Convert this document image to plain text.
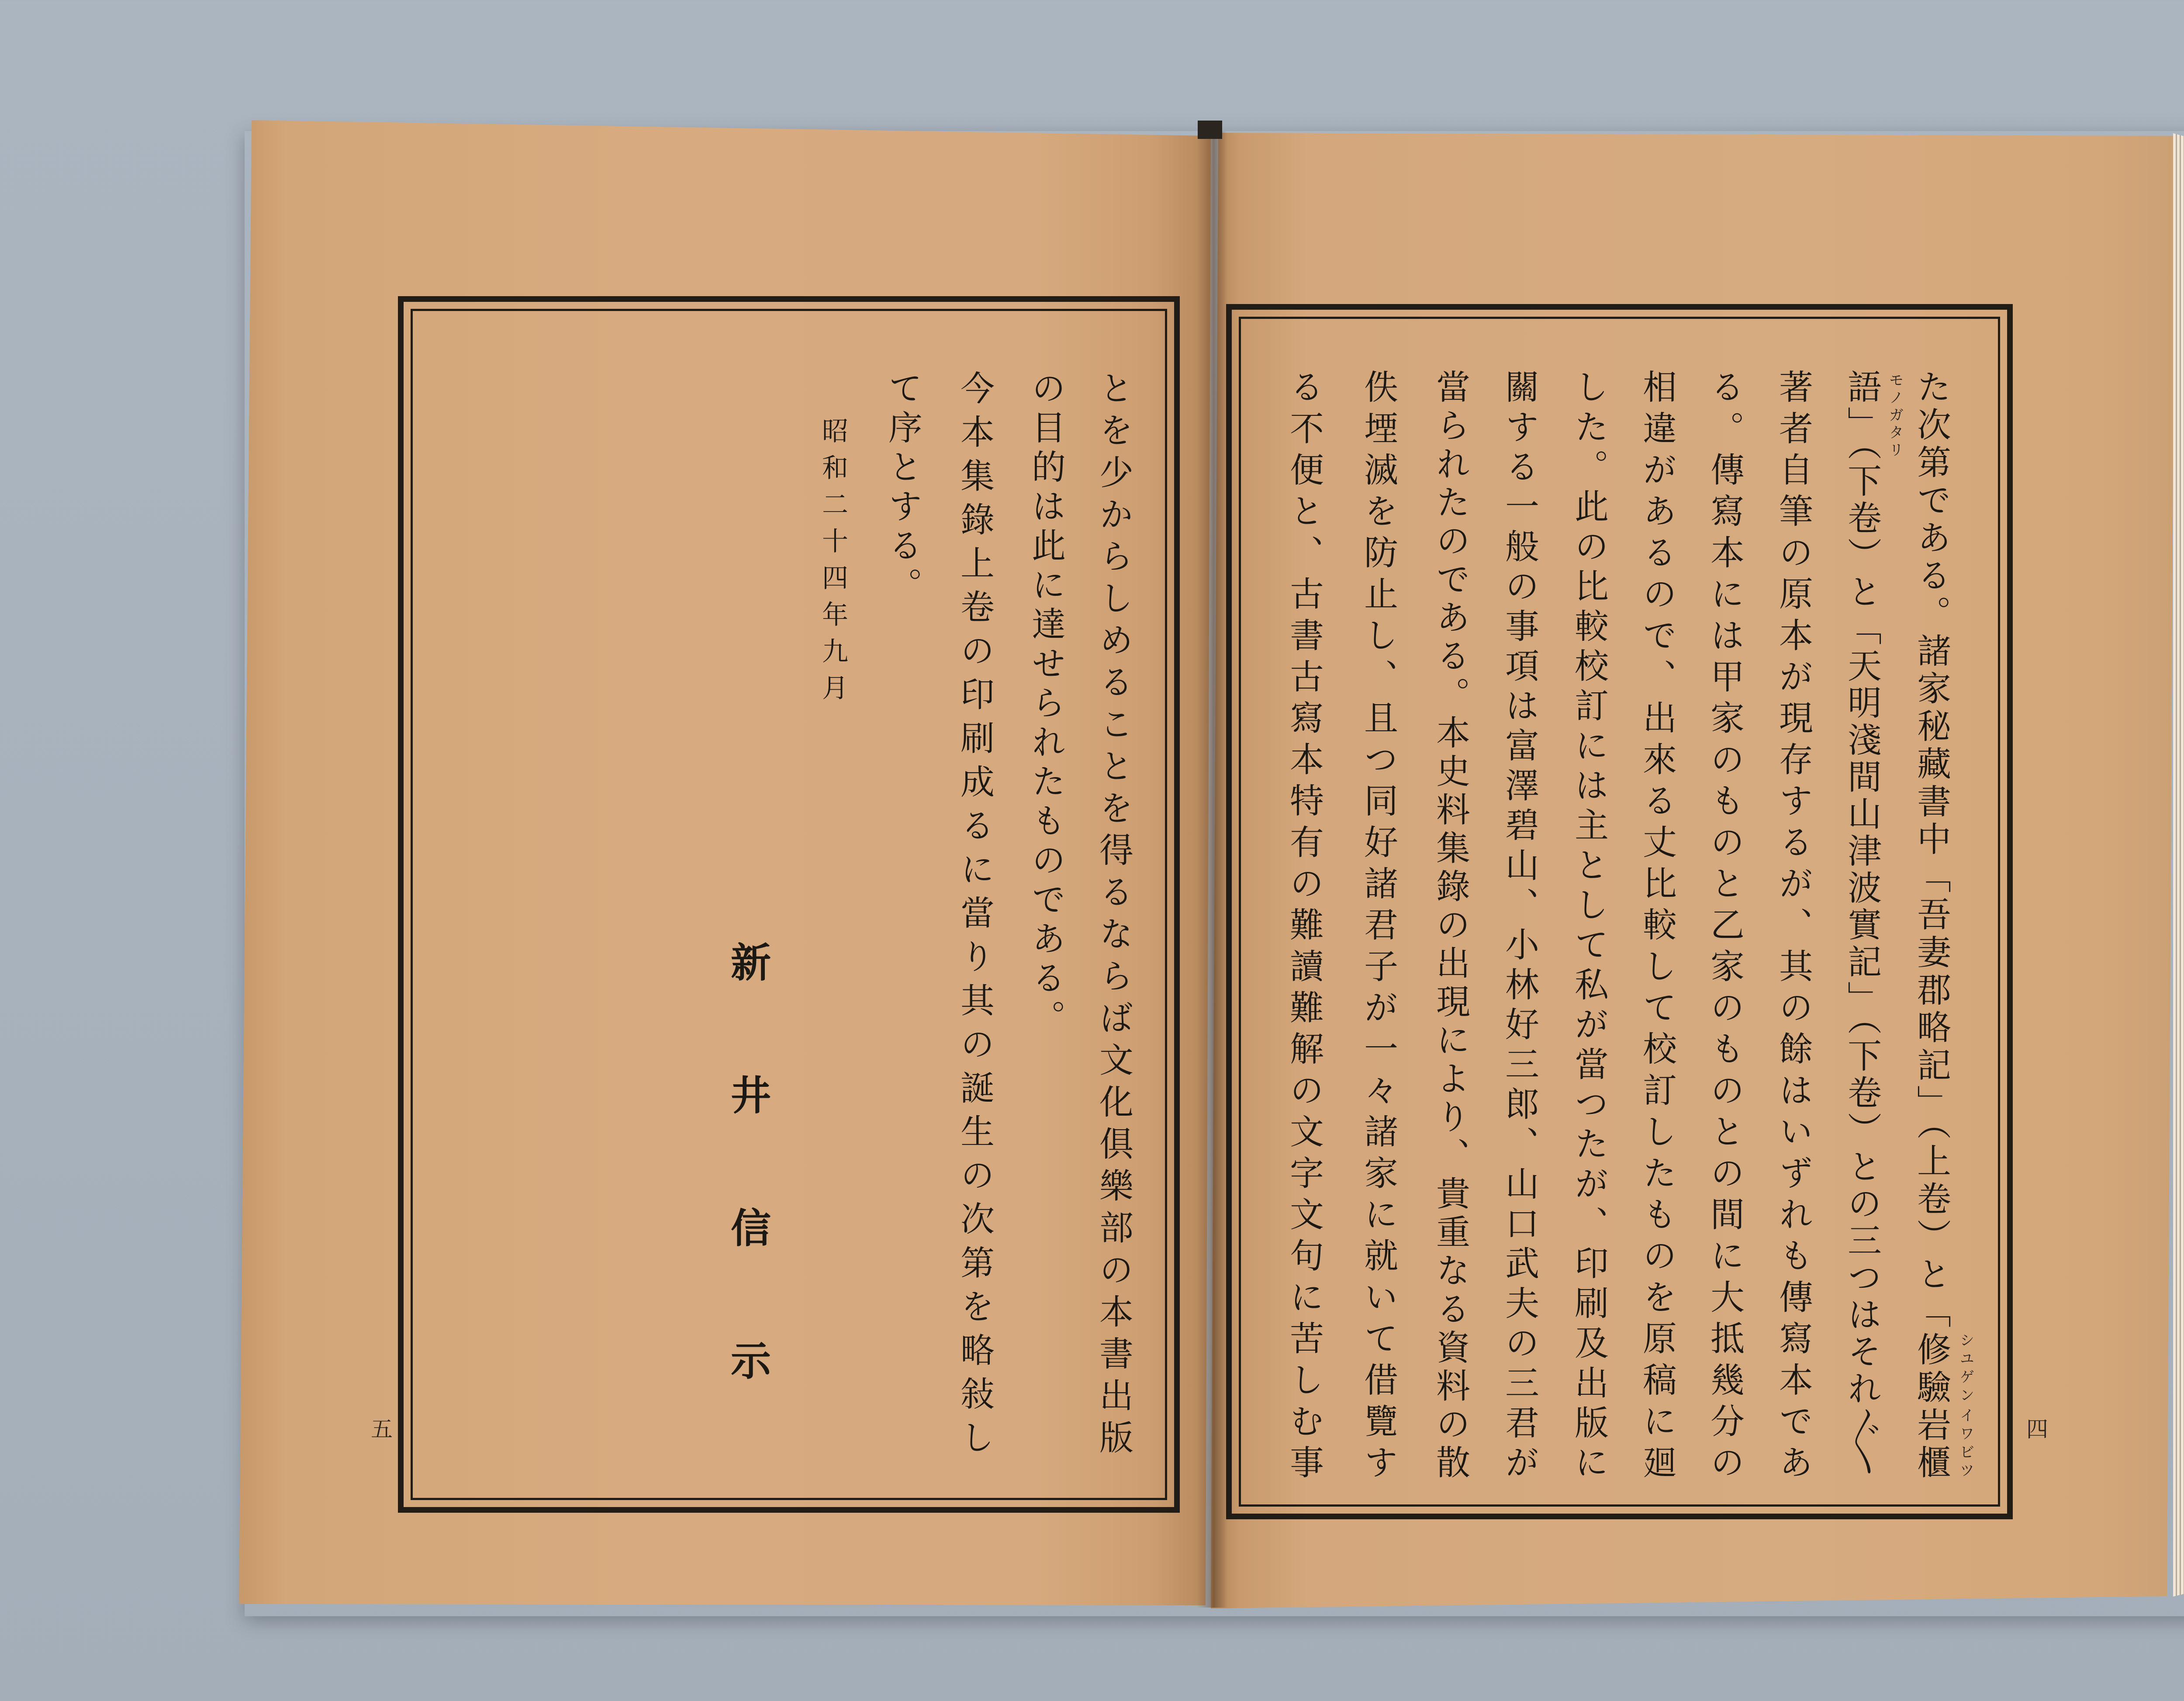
た次第である。諸家秘藏書中「吾妻郡略記」（上卷）と「修驗岩櫃

語」（下卷）と「天明淺間山津波實記」（下卷）との三つはそれ〴〵

著者自筆の原本が現存するが、其の餘はいずれも傳寫本であ

る。傳寫本には甲家のものと乙家のものとの間に大抵幾分の

相違があるので、出來る丈比較して校訂したものを原稿に廻

した。此の比較校訂には主として私が當つたが、印刷及出版に

關する一般の事項は富澤碧山、小林好三郎、山口武夫の三君が

當られたのである。本史料集錄の出現により、貴重なる資料の散

佚堙滅を防止し、且つ同好諸君子が一々諸家に就いて借覽す

る不便と、古書古寫本特有の難讀難解の文字文句に苦しむ事	シユゲン
イワビツ
モノガタリ

とを少からしめることを得るならば文化俱樂部の本書出版

の目的は此に達せられたものである。

今本集錄上卷の印刷成るに當り其の誕生の次第を略敍し

て序とする。

昭和二十四年九月
新井信示
五	四
